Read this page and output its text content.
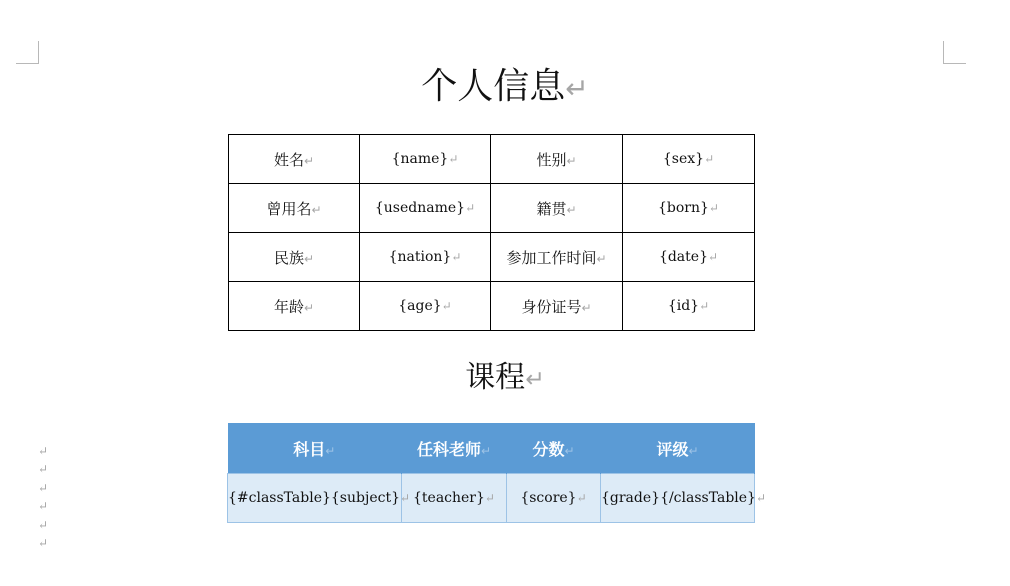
个人信息↵
姓名↵	{name}↵	性别↵	{sex}↵
曾用名↵	{usedname}↵	籍贯↵	{born}↵
民族↵	{nation}↵	参加工作时间↵	{date}↵
年龄↵	{age}↵	身份证号↵	{id}↵
课程↵
科目↵	任科老师↵	分数↵	评级↵
{#classTable}{subject}↵	{teacher}↵	{score}↵	{grade}{/classTable}↵
↵
↵
↵
↵
↵
↵
